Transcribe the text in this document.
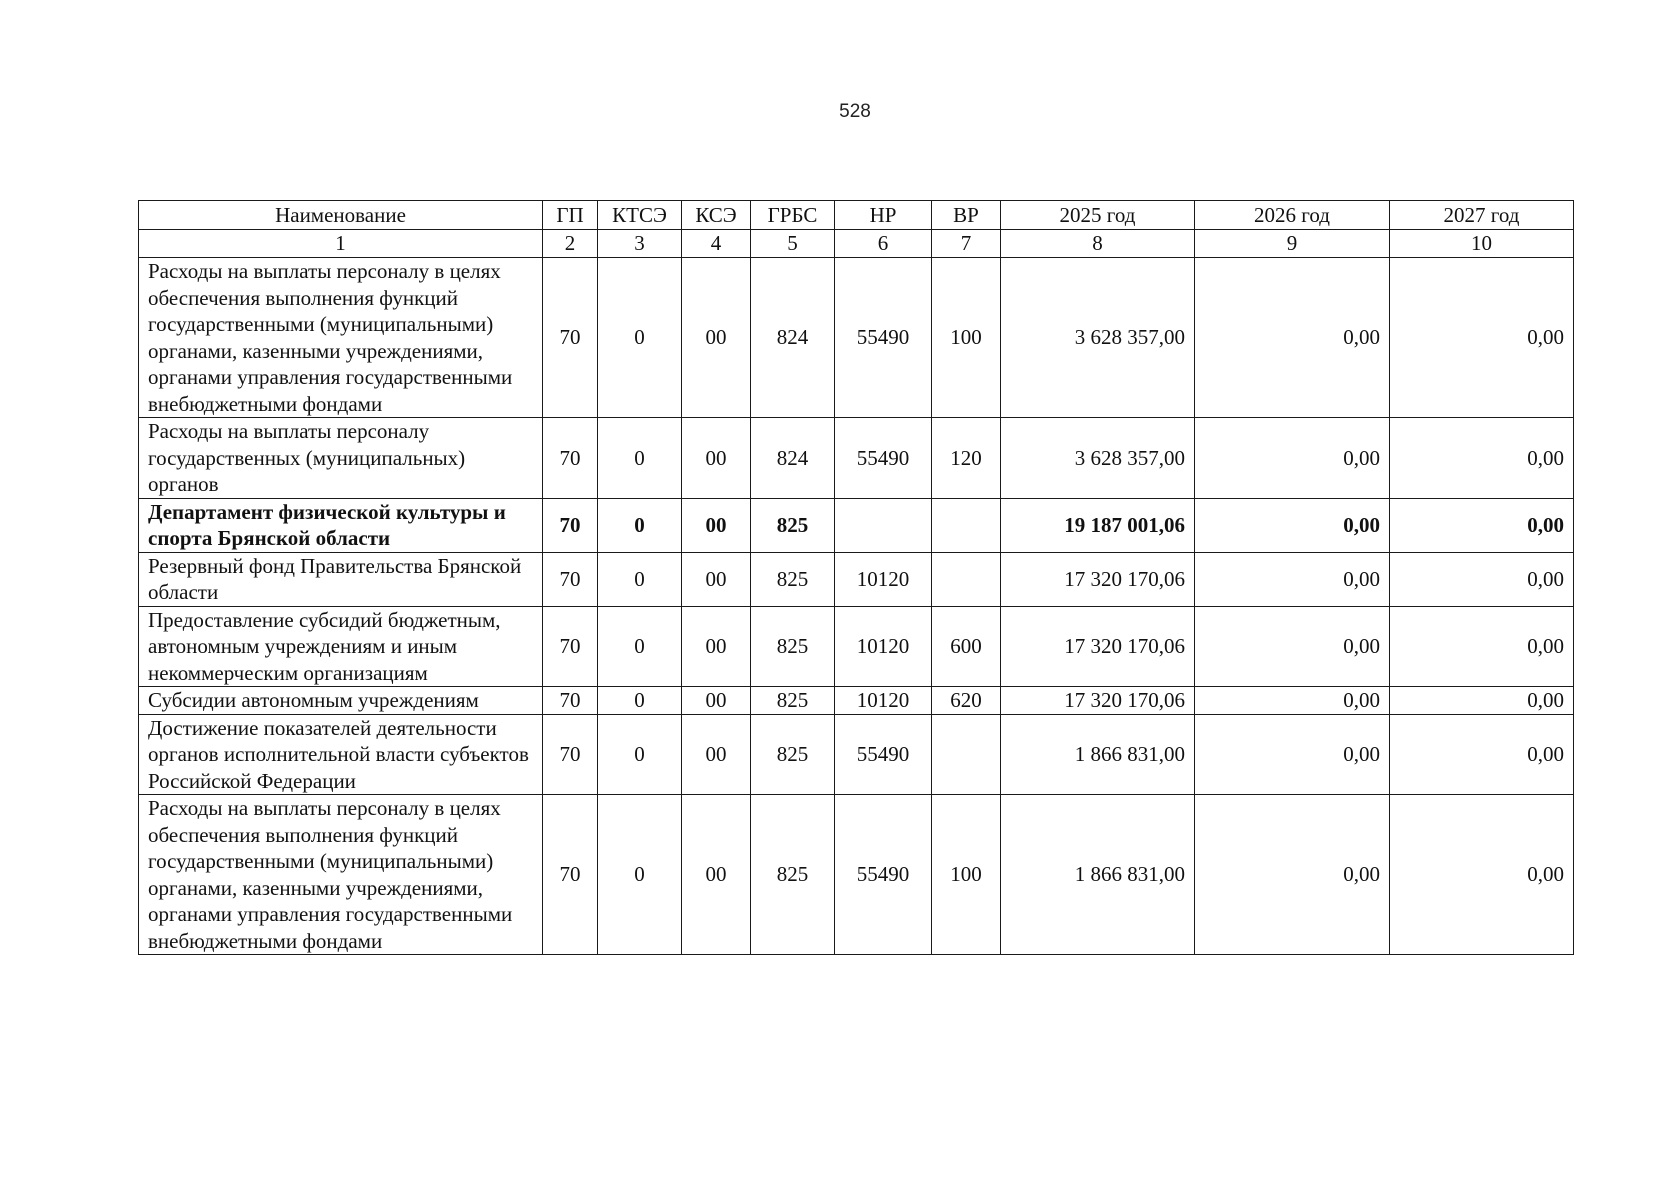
528
Наименование	ГП	КТСЭ	КСЭ	ГРБС	НР	ВР	2025 год	2026 год	2027 год
1	2	3	4	5	6	7	8	9	10
Расходы на выплаты персоналу в целях обеспечения выполнения функций государственными (муниципальными) органами, казенными учреждениями, органами управления государственными внебюджетными фондами	70	0	00	824	55490	100	3 628 357,00	0,00	0,00
Расходы на выплаты персоналу государственных (муниципальных) органов	70	0	00	824	55490	120	3 628 357,00	0,00	0,00
Департамент физической культуры и спорта Брянской области	70	0	00	825			19 187 001,06	0,00	0,00
Резервный фонд Правительства Брянской области	70	0	00	825	10120		17 320 170,06	0,00	0,00
Предоставление субсидий бюджетным, автономным учреждениям и иным некоммерческим организациям	70	0	00	825	10120	600	17 320 170,06	0,00	0,00
Субсидии автономным учреждениям	70	0	00	825	10120	620	17 320 170,06	0,00	0,00
Достижение показателей деятельности органов исполнительной власти субъектов Российской Федерации	70	0	00	825	55490		1 866 831,00	0,00	0,00
Расходы на выплаты персоналу в целях обеспечения выполнения функций государственными (муниципальными) органами, казенными учреждениями, органами управления государственными внебюджетными фондами	70	0	00	825	55490	100	1 866 831,00	0,00	0,00
